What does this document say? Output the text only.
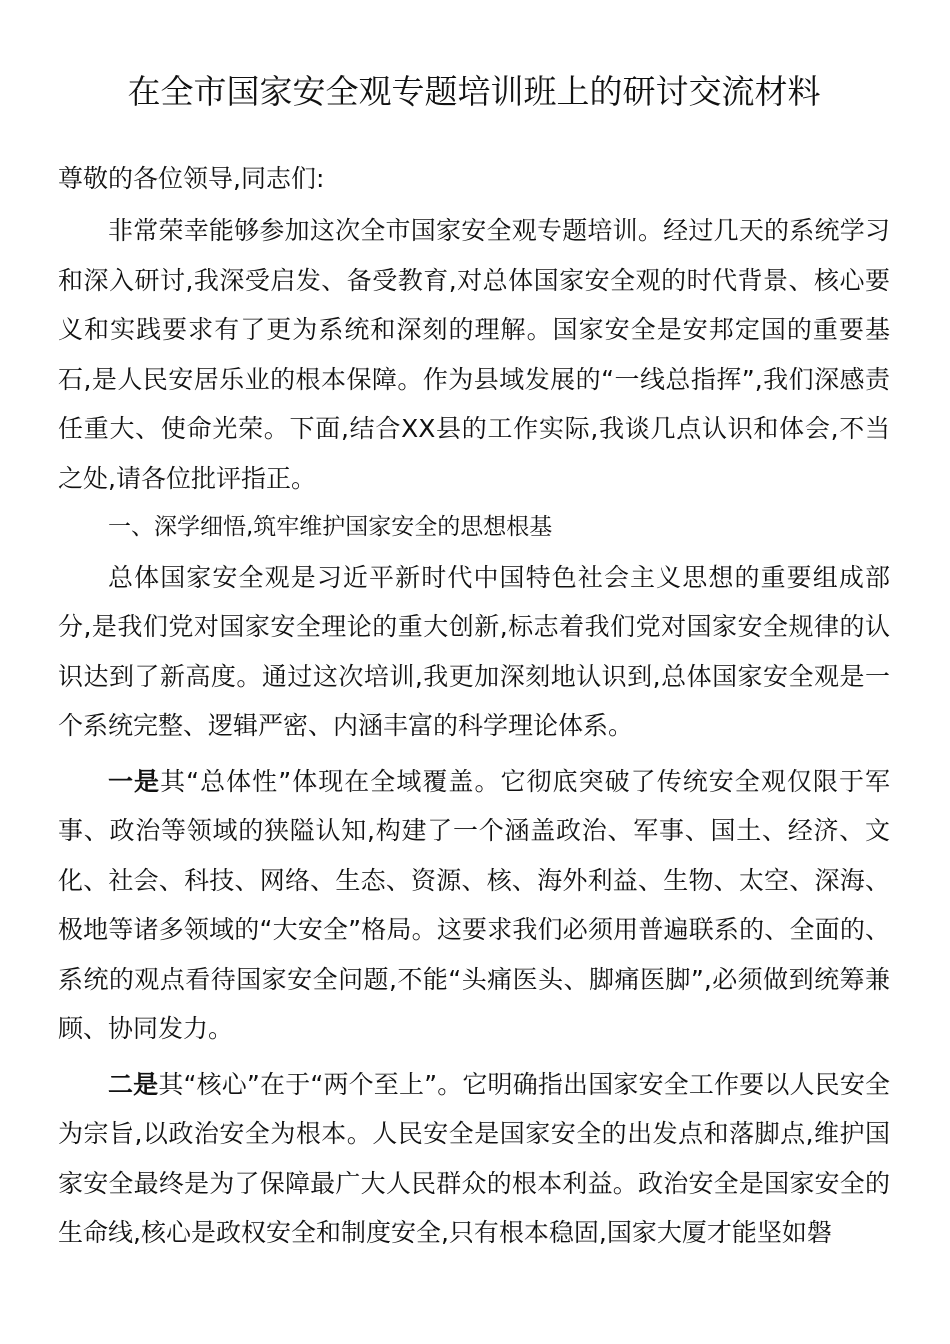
在全市国家安全观专题培训班上的研讨交流材料

尊敬的各位领导,同志们:

非常荣幸能够参加这次全市国家安全观专题培训。经过几天的系统学习和深入研讨,我深受启发、备受教育,对总体国家安全观的时代背景、核心要义和实践要求有了更为系统和深刻的理解。国家安全是安邦定国的重要基石,是人民安居乐业的根本保障。作为县域发展的“一线总指挥”,我们深感责任重大、使命光荣。下面,结合XX县的工作实际,我谈几点认识和体会,不当之处,请各位批评指正。

一、深学细悟,筑牢维护国家安全的思想根基

总体国家安全观是习近平新时代中国特色社会主义思想的重要组成部分,是我们党对国家安全理论的重大创新,标志着我们党对国家安全规律的认识达到了新高度。通过这次培训,我更加深刻地认识到,总体国家安全观是一个系统完整、逻辑严密、内涵丰富的科学理论体系。

一是其“总体性”体现在全域覆盖。它彻底突破了传统安全观仅限于军事、政治等领域的狭隘认知,构建了一个涵盖政治、军事、国土、经济、文化、社会、科技、网络、生态、资源、核、海外利益、生物、太空、深海、极地等诸多领域的“大安全”格局。这要求我们必须用普遍联系的、全面的、系统的观点看待国家安全问题,不能“头痛医头、脚痛医脚”,必须做到统筹兼顾、协同发力。

二是其“核心”在于“两个至上”。它明确指出国家安全工作要以人民安全为宗旨,以政治安全为根本。人民安全是国家安全的出发点和落脚点,维护国家安全最终是为了保障最广大人民群众的根本利益。政治安全是国家安全的生命线,核心是政权安全和制度安全,只有根本稳固,国家大厦才能坚如磐
